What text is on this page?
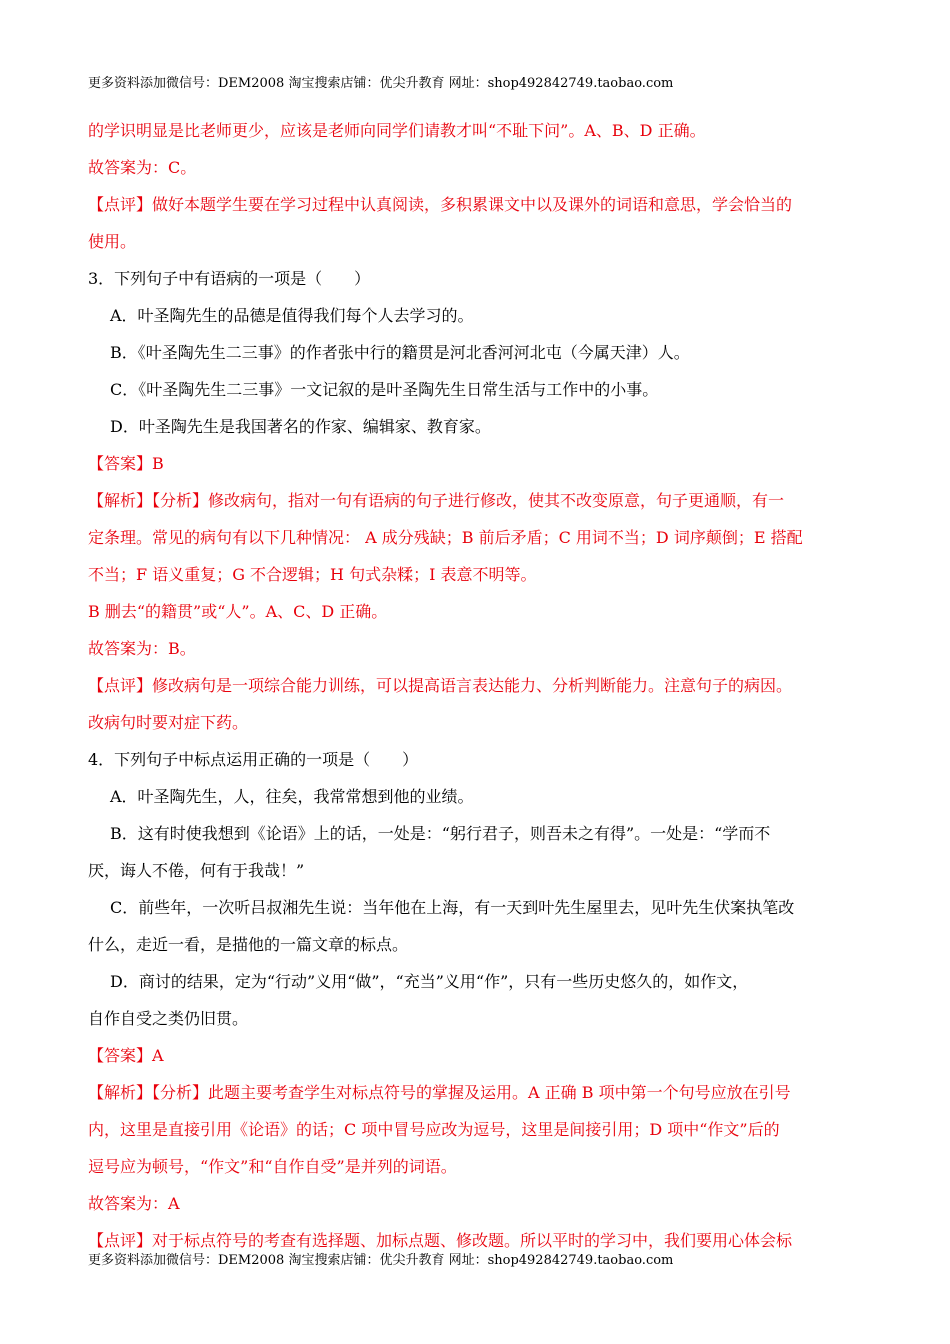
更多资料添加微信号：DEM2008 淘宝搜索店铺：优尖升教育 网址：shop492842749.taobao.com

的学识明显是比老师更少，应该是老师向同学们请教才叫“不耻下问”。A、B、D 正确。

故答案为：C。

【点评】做好本题学生要在学习过程中认真阅读，多积累课文中以及课外的词语和意思，学会恰当的

使用。

3．下列句子中有语病的一项是（　　）

A．叶圣陶先生的品德是值得我们每个人去学习的。

B．《叶圣陶先生二三事》的作者张中行的籍贯是河北香河河北屯（今属天津）人。

C．《叶圣陶先生二三事》一文记叙的是叶圣陶先生日常生活与工作中的小事。

D．叶圣陶先生是我国著名的作家、编辑家、教育家。

【答案】B

【解析】【分析】修改病句，指对一句有语病的句子进行修改，使其不改变原意，句子更通顺，有一

定条理。常见的病句有以下几种情况： A 成分残缺；B 前后矛盾；C 用词不当；D 词序颠倒；E 搭配

不当；F 语义重复；G 不合逻辑；H 句式杂糅；I 表意不明等。

B 删去“的籍贯”或“人”。A、C、D 正确。

故答案为：B。

【点评】修改病句是一项综合能力训练，可以提高语言表达能力、分析判断能力。注意句子的病因。

改病句时要对症下药。

4．下列句子中标点运用正确的一项是（　　）

A．叶圣陶先生，人，往矣，我常常想到他的业绩。

B．这有时使我想到《论语》上的话，一处是：“躬行君子，则吾未之有得”。一处是：“学而不

厌，诲人不倦，何有于我哉！”

C．前些年，一次听吕叔湘先生说：当年他在上海，有一天到叶先生屋里去，见叶先生伏案执笔改

什么，走近一看，是描他的一篇文章的标点。

D．商讨的结果，定为“行动”义用“做”，“充当”义用“作”，只有一些历史悠久的，如作文，

自作自受之类仍旧贯。

【答案】A

【解析】【分析】此题主要考查学生对标点符号的掌握及运用。A 正确 B 项中第一个句号应放在引号

内，这里是直接引用《论语》的话；C 项中冒号应改为逗号，这里是间接引用；D 项中“作文”后的

逗号应为顿号，“作文”和“自作自受”是并列的词语。

故答案为：A

【点评】对于标点符号的考查有选择题、加标点题、修改题。所以平时的学习中，我们要用心体会标

更多资料添加微信号：DEM2008 淘宝搜索店铺：优尖升教育 网址：shop492842749.taobao.com
